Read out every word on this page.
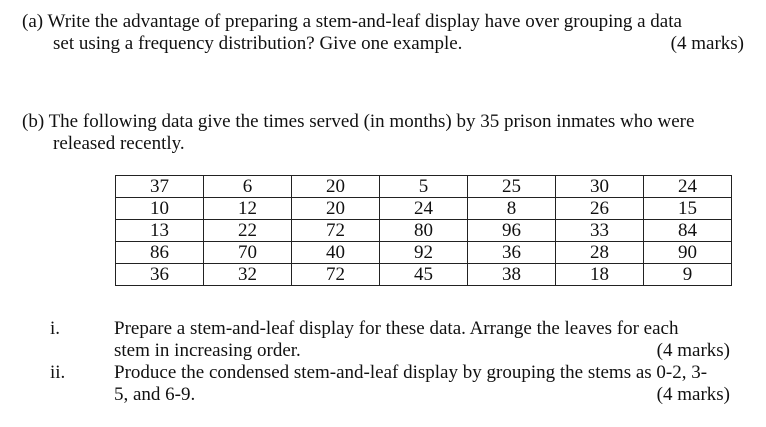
(a) Write the advantage of preparing a stem-and-leaf display have over grouping a data
set using a frequency distribution? Give one example.	(4 marks)
(b) The following data give the times served (in months) by 35 prison inmates who were
released recently.
37	6	20	5	25	30	24
10	12	20	24	8	26	15
13	22	72	80	96	33	84
86	70	40	92	36	28	90
36	32	72	45	38	18	9
i.	Prepare a stem-and-leaf display for these data. Arrange the leaves for each
stem in increasing order.	(4 marks)
ii.	Produce the condensed stem-and-leaf display by grouping the stems as 0-2, 3-
5, and 6-9.	(4 marks)
